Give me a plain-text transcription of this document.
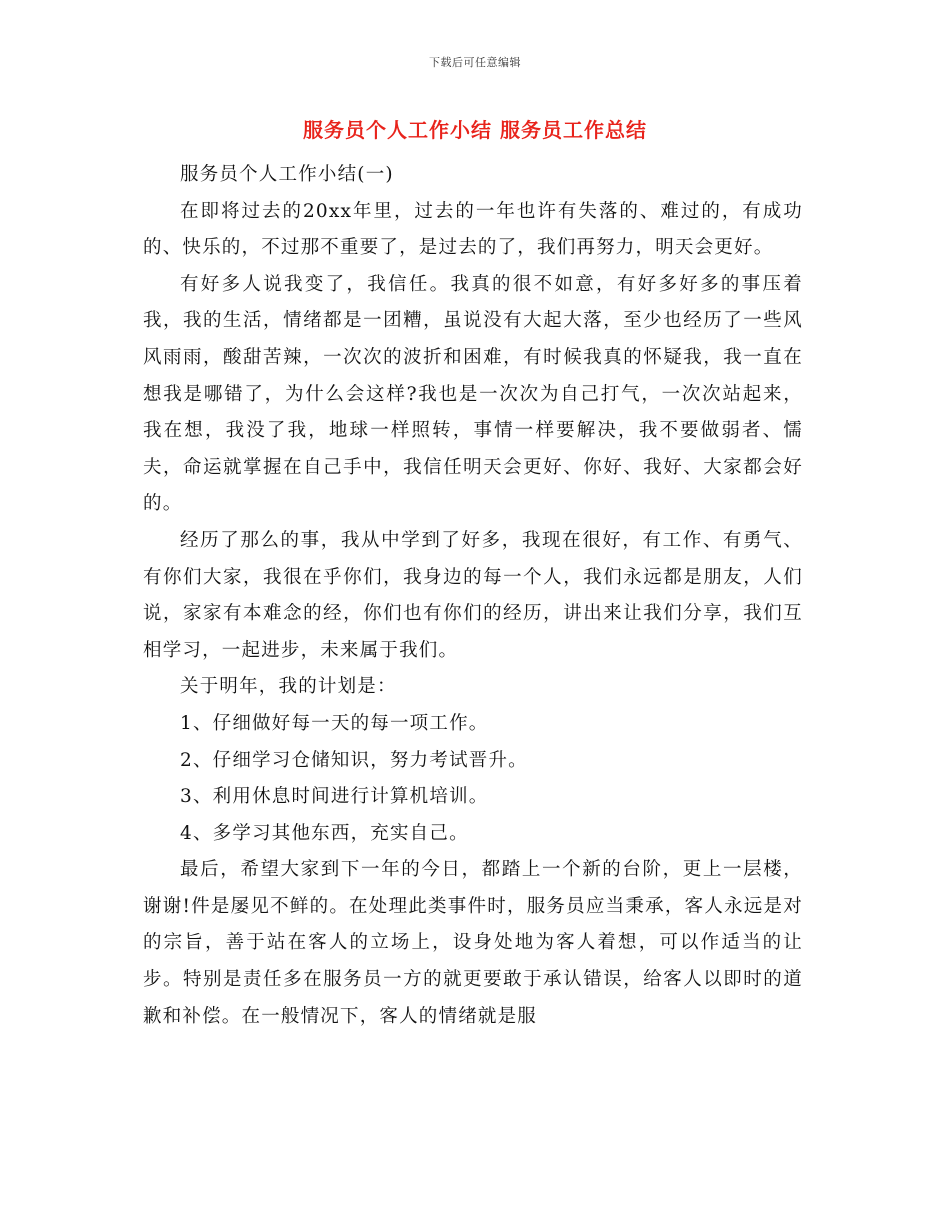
下载后可任意编辑
服务员个人工作小结 服务员工作总结

服务员个人工作小结(一)

在即将过去的20xx年里，过去的一年也许有失落的、难过的，有成功的、快乐的，不过那不重要了，是过去的了，我们再努力，明天会更好。

有好多人说我变了，我信任。我真的很不如意，有好多好多的事压着我，我的生活，情绪都是一团糟，虽说没有大起大落，至少也经历了一些风风雨雨，酸甜苦辣，一次次的波折和困难，有时候我真的怀疑我，我一直在想我是哪错了，为什么会这样?我也是一次次为自己打气，一次次站起来，我在想，我没了我，地球一样照转，事情一样要解决，我不要做弱者、懦夫，命运就掌握在自己手中，我信任明天会更好、你好、我好、大家都会好的。

经历了那么的事，我从中学到了好多，我现在很好，有工作、有勇气、有你们大家，我很在乎你们，我身边的每一个人，我们永远都是朋友，人们说，家家有本难念的经，你们也有你们的经历，讲出来让我们分享，我们互相学习，一起进步，未来属于我们。

关于明年，我的计划是：

1、仔细做好每一天的每一项工作。

2、仔细学习仓储知识，努力考试晋升。

3、利用休息时间进行计算机培训。

4、多学习其他东西，充实自己。

最后，希望大家到下一年的今日，都踏上一个新的台阶，更上一层楼，谢谢!件是屡见不鲜的。在处理此类事件时，服务员应当秉承，客人永远是对的宗旨，善于站在客人的立场上，设身处地为客人着想，可以作适当的让步。特别是责任多在服务员一方的就更要敢于承认错误，给客人以即时的道歉和补偿。在一般情况下，客人的情绪就是服
